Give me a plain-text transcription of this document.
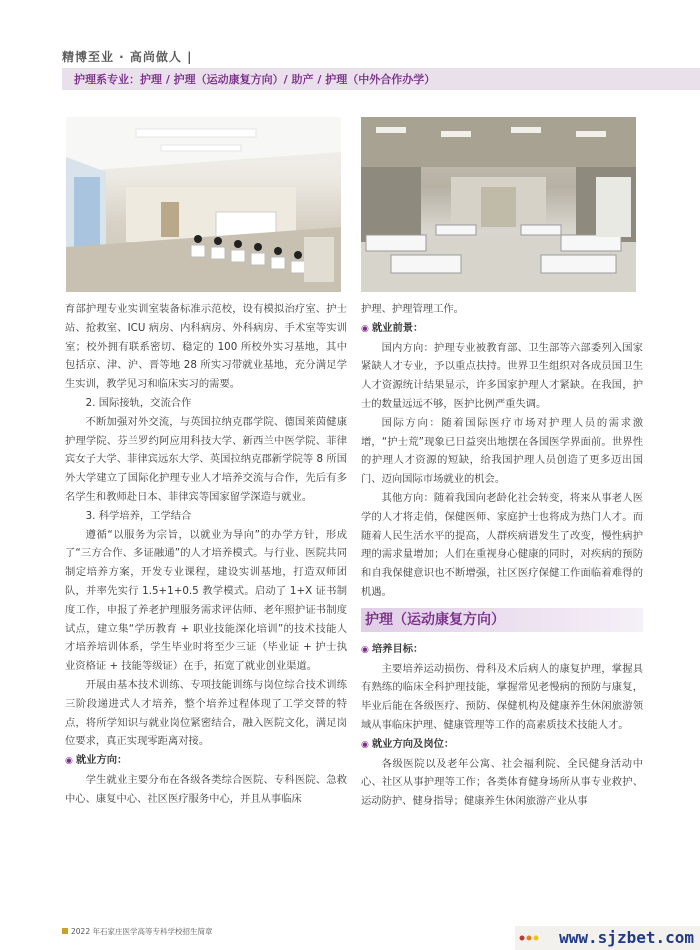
精博至业 · 高尚做人 |
护理系专业：护理 / 护理（运动康复方向）/ 助产 / 护理（中外合作办学）

育部护理专业实训室装备标准示范校，设有模拟治疗室、护士站、抢救室、ICU 病房、内科病房、外科病房、手术室等实训室；校外拥有联系密切、稳定的 100 所校外实习基地，其中包括京、津、沪、晋等地 28 所实习带就业基地，充分满足学生实训，教学见习和临床实习的需要。

2. 国际接轨，交流合作

不断加强对外交流，与英国拉纳克郡学院、德国莱茵健康护理学院、芬兰罗约阿应用科技大学、新西兰中医学院、菲律宾女子大学、菲律宾远东大学、英国拉纳克郡新学院等 8 所国外大学建立了国际化护理专业人才培养交流与合作，先后有多名学生和教师赴日本、菲律宾等国家留学深造与就业。

3. 科学培养，工学结合

遵循“以服务为宗旨，以就业为导向”的办学方针，形成了“三方合作、多证融通”的人才培养模式。与行业、医院共同制定培养方案，开发专业课程，建设实训基地，打造双师团队，并率先实行 1.5+1+0.5 教学模式。启动了 1+X 证书制度工作，申报了养老护理服务需求评估师、老年照护证书制度试点，建立集“学历教育 + 职业技能深化培训”的技术技能人才培养培训体系，学生毕业时将至少三证（毕业证 + 护士执业资格证 + 技能等级证）在手，拓宽了就业创业渠道。

开展由基本技术训练、专项技能训练与岗位综合技术训练三阶段递进式人才培养，整个培养过程体现了工学交替的特点，将所学知识与就业岗位紧密结合，融入医院文化，满足岗位要求，真正实现零距离对接。

◉ 就业方向：

学生就业主要分布在各级各类综合医院、专科医院、急救中心、康复中心、社区医疗服务中心，并且从事临床

护理、护理管理工作。

◉ 就业前景：

国内方向：护理专业被教育部、卫生部等六部委列入国家紧缺人才专业，予以重点扶持。世界卫生组织对各成员国卫生人才资源统计结果显示，许多国家护理人才紧缺。在我国，护士的数量远远不够，医护比例严重失调。

国际方向：随着国际医疗市场对护理人员的需求激增，“护士荒”现象已日益突出地摆在各国医学界面前。世界性的护理人才资源的短缺，给我国护理人员创造了更多迈出国门、迈向国际市场就业的机会。

其他方向：随着我国向老龄化社会转变，将来从事老人医学的人才将走俏，保健医师、家庭护士也将成为热门人才。而随着人民生活水平的提高，人群疾病谱发生了改变，慢性病护理的需求量增加；人们在重视身心健康的同时，对疾病的预防和自我保健意识也不断增强，社区医疗保健工作面临着难得的机遇。

护理（运动康复方向）

◉ 培养目标：

主要培养运动损伤、骨科及术后病人的康复护理，掌握具有熟练的临床全科护理技能，掌握常见老慢病的预防与康复，毕业后能在各级医疗、预防、保健机构及健康养生休闲旅游领域从事临床护理、健康管理等工作的高素质技术技能人才。

◉ 就业方向及岗位：

各级医院以及老年公寓、社会福利院、全民健身活动中心、社区从事护理等工作；各类体育健身场所从事专业救护、运动防护、健身指导；健康养生休闲旅游产业从事

2022 年石家庄医学高等专科学校招生简章	www.sjzbet.com
